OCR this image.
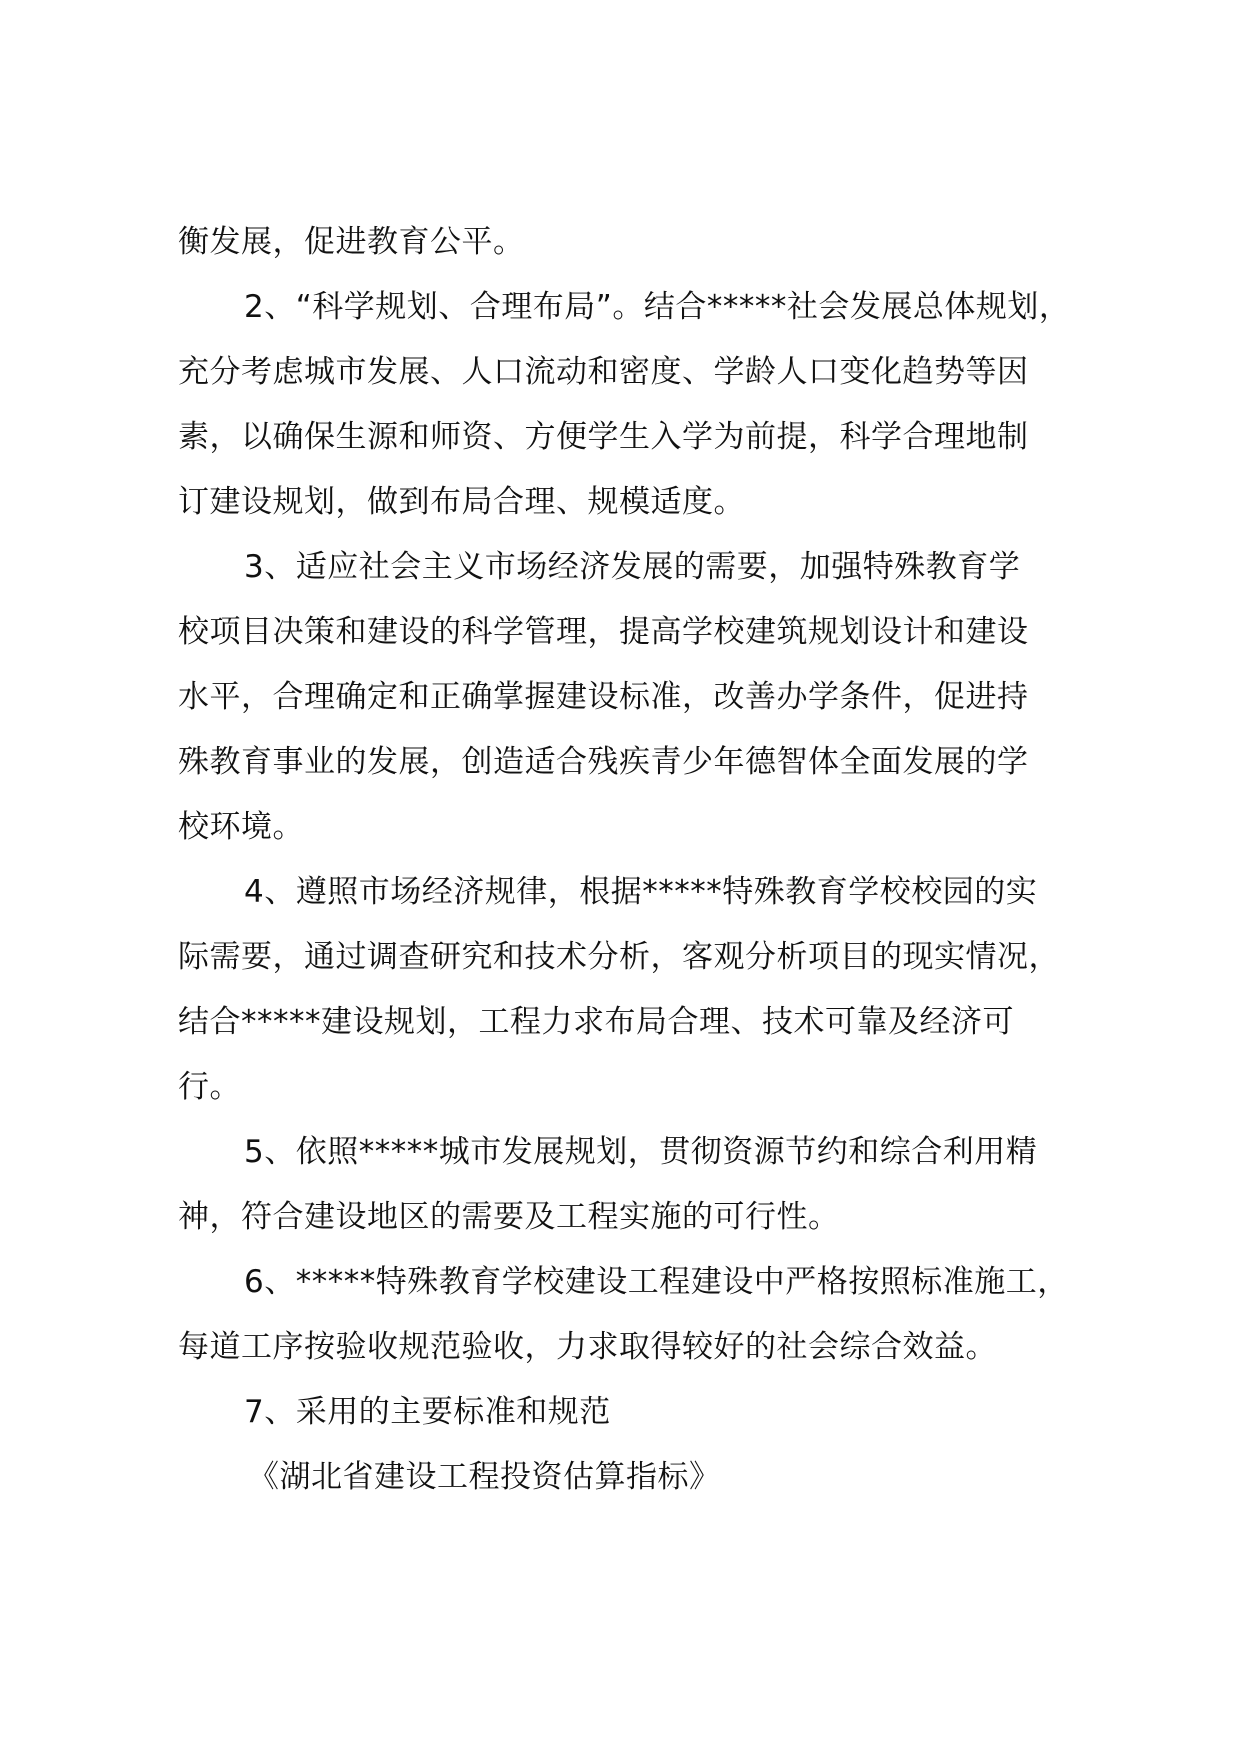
衡发展，促进教育公平。
2、“科学规划、合理布局”。结合*****社会发展总体规划，
充分考虑城市发展、人口流动和密度、学龄人口变化趋势等因
素，以确保生源和师资、方便学生入学为前提，科学合理地制
订建设规划，做到布局合理、规模适度。
3、适应社会主义市场经济发展的需要，加强特殊教育学
校项目决策和建设的科学管理，提高学校建筑规划设计和建设
水平，合理确定和正确掌握建设标准，改善办学条件，促进持
殊教育事业的发展，创造适合残疾青少年德智体全面发展的学
校环境。
4、遵照市场经济规律，根据*****特殊教育学校校园的实
际需要，通过调查研究和技术分析，客观分析项目的现实情况，
结合*****建设规划，工程力求布局合理、技术可靠及经济可
行。
5、依照*****城市发展规划，贯彻资源节约和综合利用精
神，符合建设地区的需要及工程实施的可行性。
6、*****特殊教育学校建设工程建设中严格按照标准施工，
每道工序按验收规范验收，力求取得较好的社会综合效益。
7、采用的主要标准和规范
《湖北省建设工程投资估算指标》
